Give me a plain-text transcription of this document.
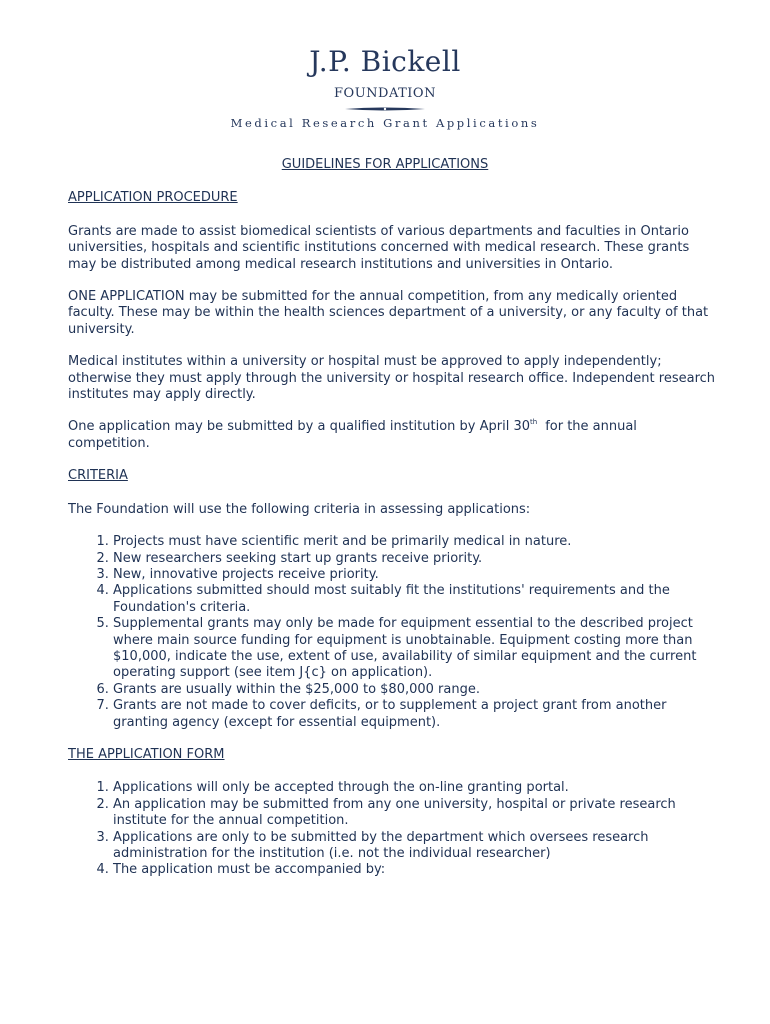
J.P. Bickell
FOUNDATION
Medical Research Grant Applications
GUIDELINES FOR APPLICATIONS
APPLICATION PROCEDURE

Grants are made to assist biomedical scientists of various departments and faculties in Ontario universities, hospitals and scientific institutions concerned with medical research. These grants may be distributed among medical research institutions and universities in Ontario.

ONE APPLICATION may be submitted for the annual competition, from any medically oriented faculty. These may be within the health sciences department of a university, or any faculty of that university.

Medical institutes within a university or hospital must be approved to apply independently; otherwise they must apply through the university or hospital research office. Independent research institutes may apply directly.

One application may be submitted by a qualified institution by April 30th for the annual competition.

CRITERIA

The Foundation will use the following criteria in assessing applications:

1. Projects must have scientific merit and be primarily medical in nature.
2. New researchers seeking start up grants receive priority.
3. New, innovative projects receive priority.
4. Applications submitted should most suitably fit the institutions' requirements and the Foundation's criteria.
5. Supplemental grants may only be made for equipment essential to the described project where main source funding for equipment is unobtainable. Equipment costing more than $10,000, indicate the use, extent of use, availability of similar equipment and the current operating support (see item J{c} on application).
6. Grants are usually within the $25,000 to $80,000 range.
7. Grants are not made to cover deficits, or to supplement a project grant from another granting agency (except for essential equipment).
THE APPLICATION FORM
1. Applications will only be accepted through the on-line granting portal.
2. An application may be submitted from any one university, hospital or private research institute for the annual competition.
3. Applications are only to be submitted by the department which oversees research administration for the institution (i.e. not the individual researcher)
4. The application must be accompanied by:
